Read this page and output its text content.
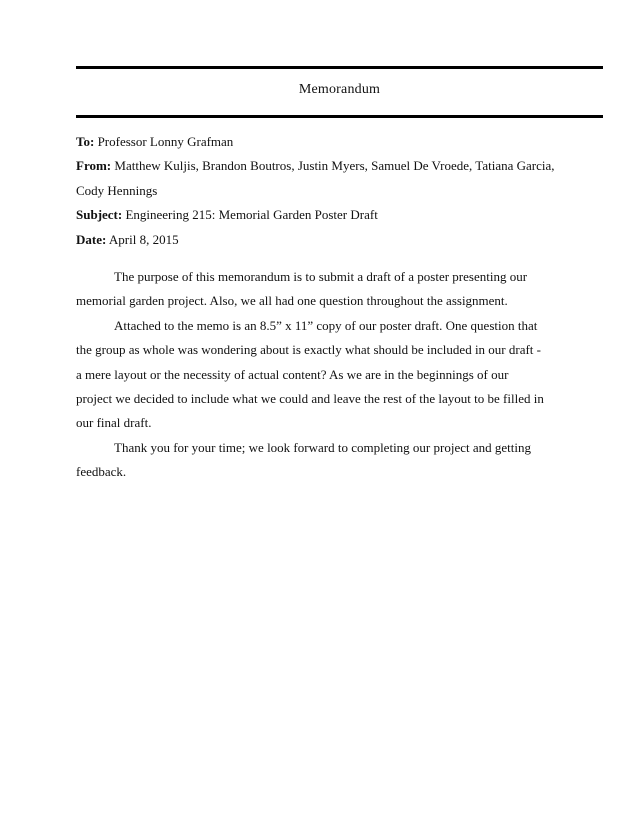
Memorandum
To: Professor Lonny Grafman
From: Matthew Kuljis, Brandon Boutros, Justin Myers, Samuel De Vroede, Tatiana Garcia,
Cody Hennings
Subject: Engineering 215: Memorial Garden Poster Draft
Date: April 8, 2015

The purpose of this memorandum is to submit a draft of a poster presenting our memorial garden project. Also, we all had one question throughout the assignment.

Attached to the memo is an 8.5” x 11” copy of our poster draft. One question that the group as whole was wondering about is exactly what should be included in our draft - a mere layout or the necessity of actual content? As we are in the beginnings of our project we decided to include what we could and leave the rest of the layout to be filled in our final draft.

Thank you for your time; we look forward to completing our project and getting feedback.
